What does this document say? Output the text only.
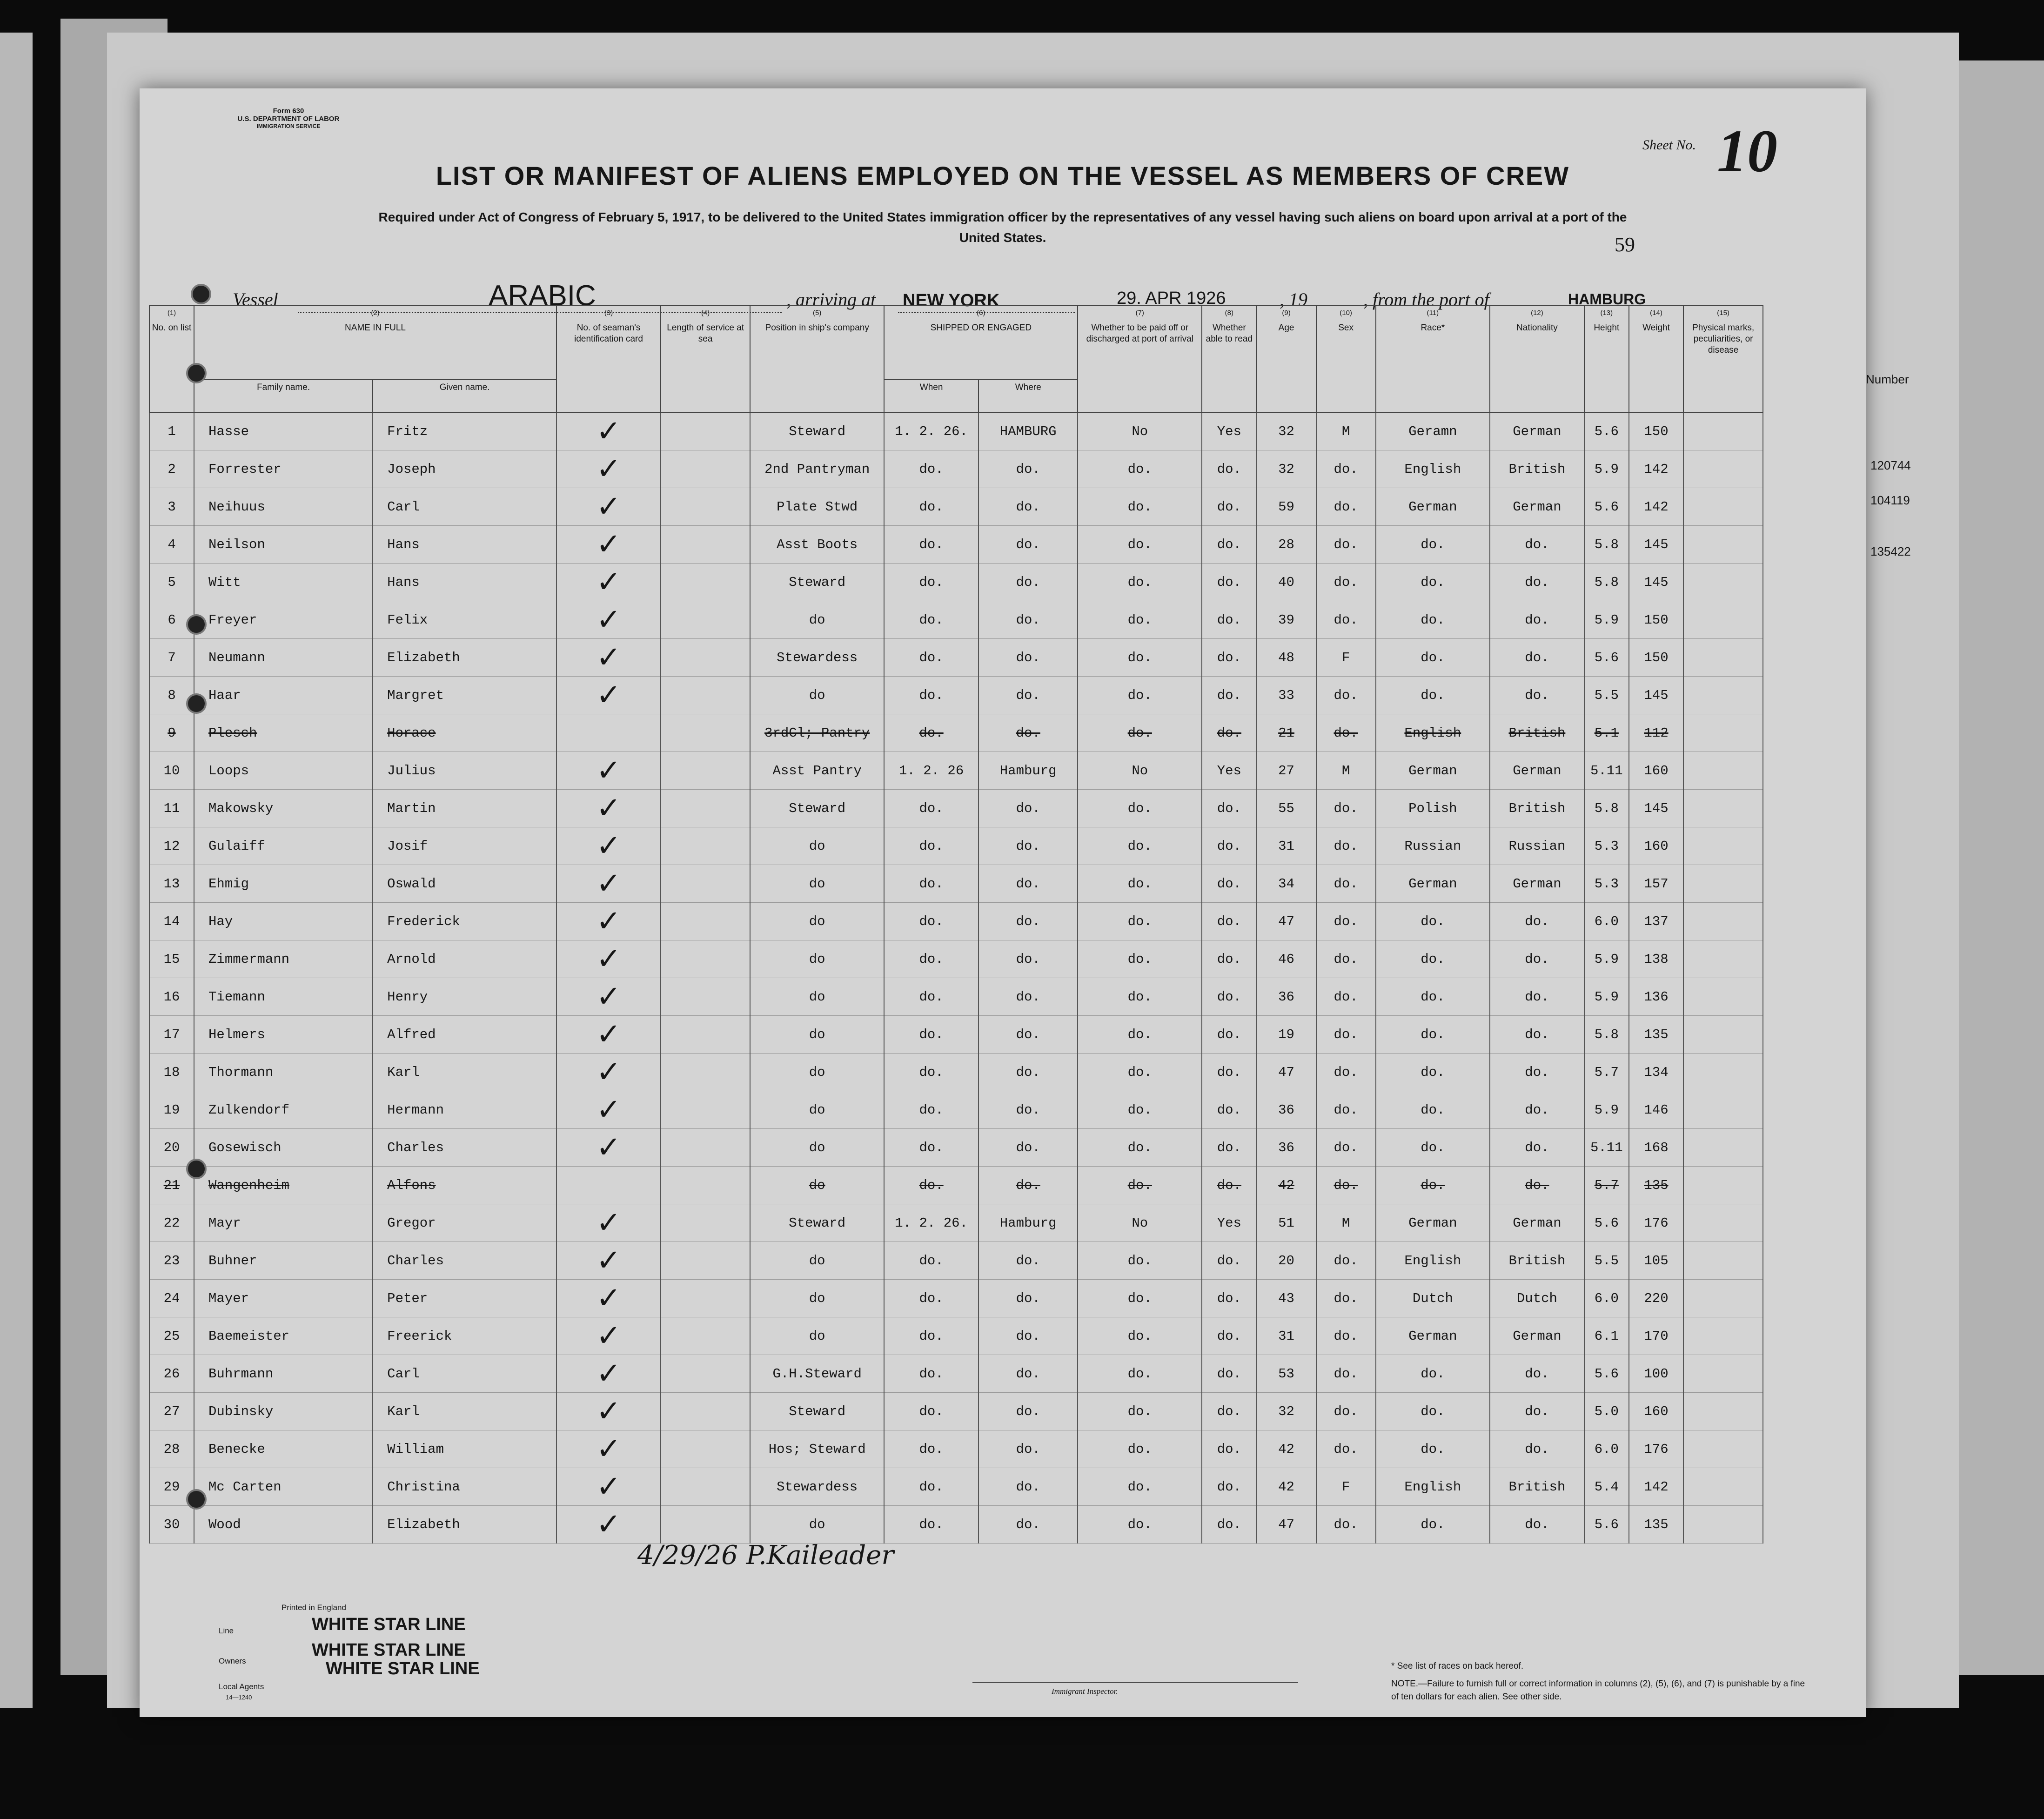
Number
120744
104119
135422
Form 630
U.S. DEPARTMENT OF LABOR
IMMIGRATION SERVICE
Sheet No. 10
LIST OR MANIFEST OF ALIENS EMPLOYED ON THE VESSEL AS MEMBERS OF CREW
Required under Act of Congress of February 5, 1917, to be delivered to the United States immigration officer by the representatives of any vessel having such aliens on board upon arrival at a port of the United States.	59
Vessel	ARABIC	, arriving at NEW YORK	29. APR 1926	, 19	, from the port of	HAMBURG
(1)
No. on list	(2)
NAME IN FULL		(3)
No. of seaman's identification card	(4)
Length of service at sea	(5)
Position in ship's company	(6)
SHIPPED OR ENGAGED		(7)
Whether to be paid off or discharged at port of arrival	(8)
Whether able to read	(9)
Age	(10)
Sex	(11)
Race*	(12)
Nationality	(13)
Height	(14)
Weight	(15)
Physical marks, peculiarities, or disease
	Family name.	Given name.				When	Where									
1	Hasse	Fritz	✓		Steward	1. 2. 26.	HAMBURG	No	Yes	32	M	Geramn	German	5.6	150	
2	Forrester	Joseph	✓		2nd Pantryman	do.	do.	do.	do.	32	do.	English	British	5.9	142	
3	Neihuus	Carl	✓		Plate Stwd	do.	do.	do.	do.	59	do.	German	German	5.6	142	
4	Neilson	Hans	✓		Asst Boots	do.	do.	do.	do.	28	do.	do.	do.	5.8	145	
5	Witt	Hans	✓		Steward	do.	do.	do.	do.	40	do.	do.	do.	5.8	145	
6	Freyer	Felix	✓		do	do.	do.	do.	do.	39	do.	do.	do.	5.9	150	
7	Neumann	Elizabeth	✓		Stewardess	do.	do.	do.	do.	48	F	do.	do.	5.6	150	
8	Haar	Margret	✓		do	do.	do.	do.	do.	33	do.	do.	do.	5.5	145	
9	Plesch	Horace			3rdCl; Pantry	do.	do.	do.	do.	21	do.	English	British	5.1	112	
10	Loops	Julius	✓		Asst Pantry	1. 2. 26	Hamburg	No	Yes	27	M	German	German	5.11	160	
11	Makowsky	Martin	✓		Steward	do.	do.	do.	do.	55	do.	Polish	British	5.8	145	
12	Gulaiff	Josif	✓		do	do.	do.	do.	do.	31	do.	Russian	Russian	5.3	160	
13	Ehmig	Oswald	✓		do	do.	do.	do.	do.	34	do.	German	German	5.3	157	
14	Hay	Frederick	✓		do	do.	do.	do.	do.	47	do.	do.	do.	6.0	137	
15	Zimmermann	Arnold	✓		do	do.	do.	do.	do.	46	do.	do.	do.	5.9	138	
16	Tiemann	Henry	✓		do	do.	do.	do.	do.	36	do.	do.	do.	5.9	136	
17	Helmers	Alfred	✓		do	do.	do.	do.	do.	19	do.	do.	do.	5.8	135	
18	Thormann	Karl	✓		do	do.	do.	do.	do.	47	do.	do.	do.	5.7	134	
19	Zulkendorf	Hermann	✓		do	do.	do.	do.	do.	36	do.	do.	do.	5.9	146	
20	Gosewisch	Charles	✓		do	do.	do.	do.	do.	36	do.	do.	do.	5.11	168	
21	Wangenheim	Alfons			do	do.	do.	do.	do.	42	do.	do.	do.	5.7	135	
22	Mayr	Gregor	✓		Steward	1. 2. 26.	Hamburg	No	Yes	51	M	German	German	5.6	176	
23	Buhner	Charles	✓		do	do.	do.	do.	do.	20	do.	English	British	5.5	105	
24	Mayer	Peter	✓		do	do.	do.	do.	do.	43	do.	Dutch	Dutch	6.0	220	
25	Baemeister	Freerick	✓		do	do.	do.	do.	do.	31	do.	German	German	6.1	170	
26	Buhrmann	Carl	✓		G.H.Steward	do.	do.	do.	do.	53	do.	do.	do.	5.6	100	
27	Dubinsky	Karl	✓		Steward	do.	do.	do.	do.	32	do.	do.	do.	5.0	160	
28	Benecke	William	✓		Hos; Steward	do.	do.	do.	do.	42	do.	do.	do.	6.0	176	
29	Mc Carten	Christina	✓		Stewardess	do.	do.	do.	do.	42	F	English	British	5.4	142	
30	Wood	Elizabeth	✓		do	do.	do.	do.	do.	47	do.	do.	do.	5.6	135	
4/29/26 P.Kaileader
Printed in England
Line	WHITE STAR LINE
Owners
WHITE STAR LINE
WHITE STAR LINE
Local Agents
14—1240
Immigrant Inspector.
* See list of races on back hereof.
NOTE.—Failure to furnish full or correct information in columns (2), (5), (6), and (7) is punishable by a fine of ten dollars for each alien. See other side.
